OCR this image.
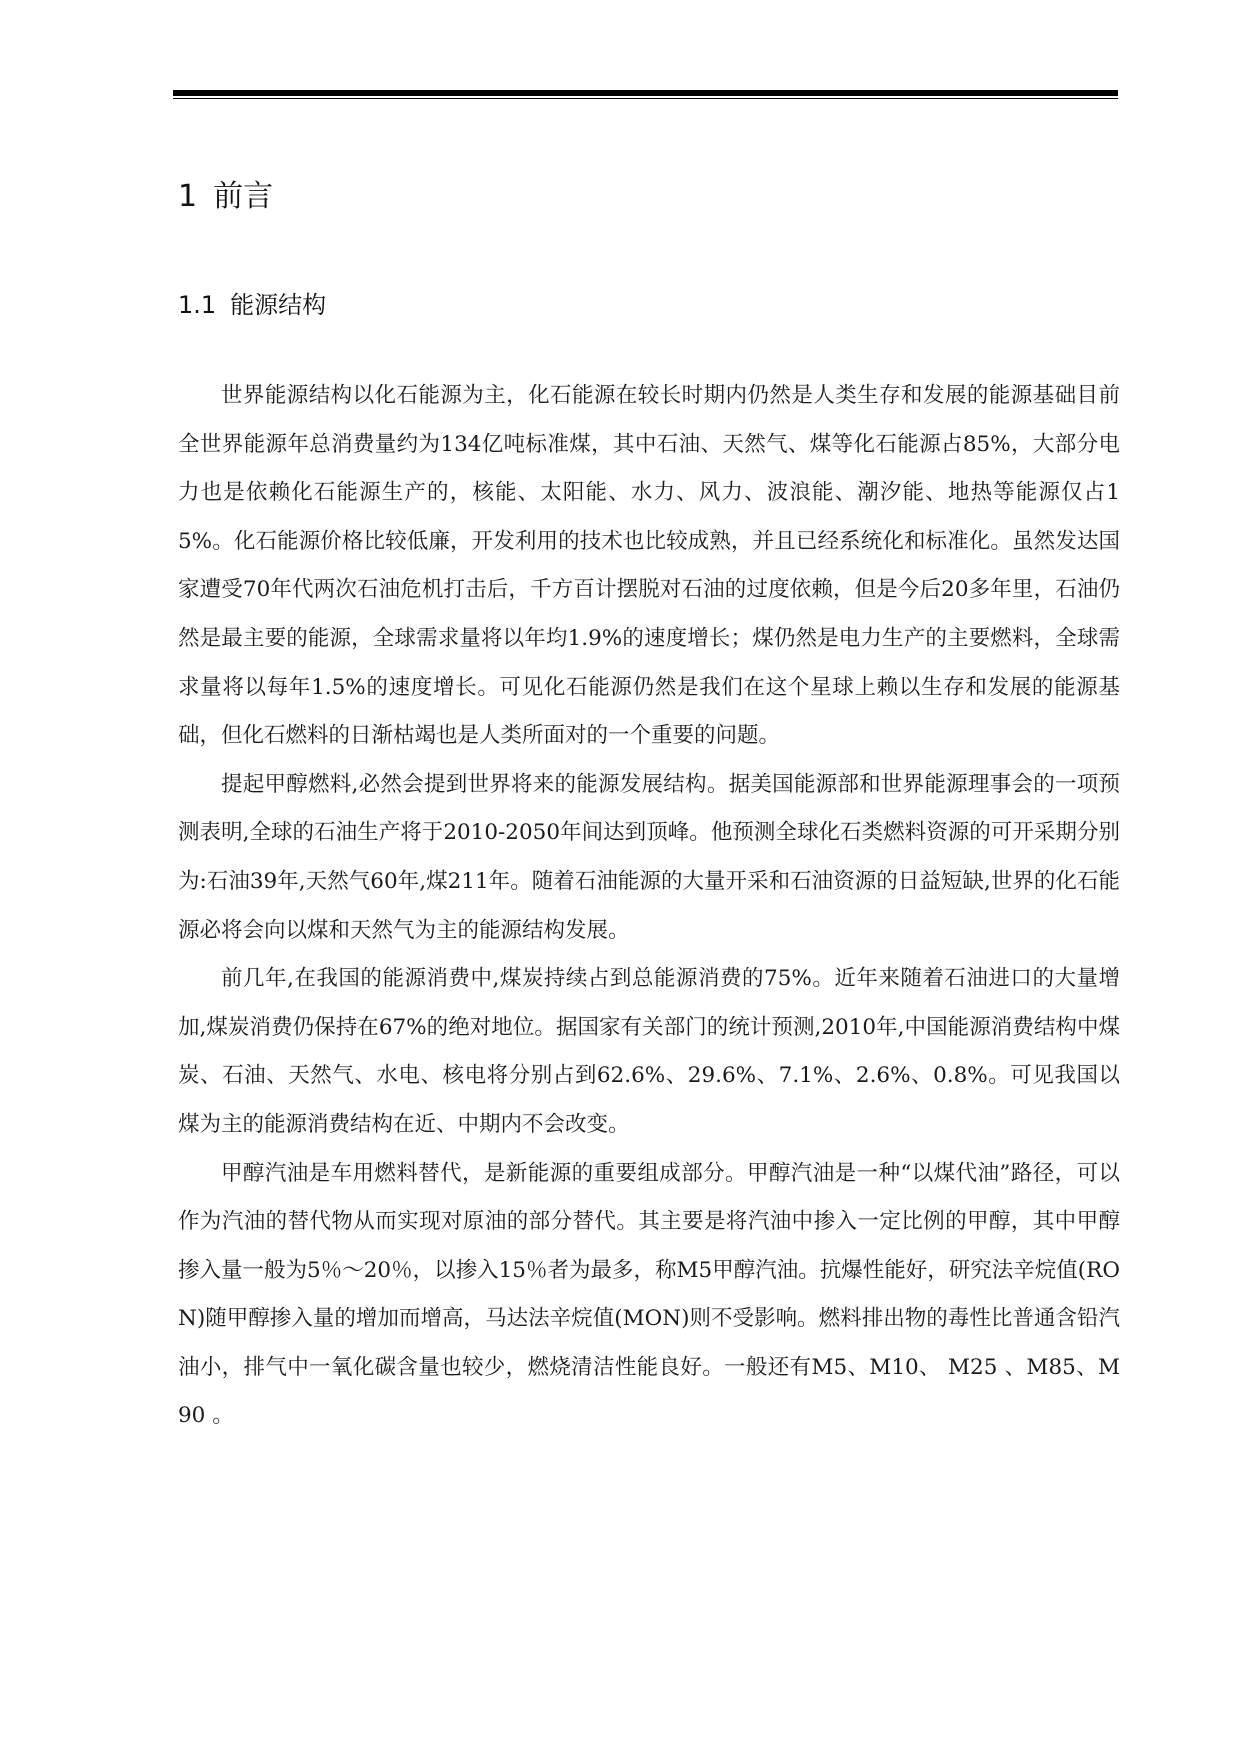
1 前言
1.1 能源结构

世界能源结构以化石能源为主，化石能源在较长时期内仍然是人类生存和发展的能源基础目前全世界能源年总消费量约为134亿吨标准煤，其中石油、天然气、煤等化石能源占85%，大部分电力也是依赖化石能源生产的，核能、太阳能、水力、风力、波浪能、潮汐能、地热等能源仅占15%。化石能源价格比较低廉，开发利用的技术也比较成熟，并且已经系统化和标准化。虽然发达国家遭受70年代两次石油危机打击后，千方百计摆脱对石油的过度依赖，但是今后20多年里，石油仍然是最主要的能源，全球需求量将以年均1.9%的速度增长；煤仍然是电力生产的主要燃料，全球需求量将以每年1.5%的速度增长。可见化石能源仍然是我们在这个星球上赖以生存和发展的能源基础，但化石燃料的日渐枯竭也是人类所面对的一个重要的问题。

提起甲醇燃料,必然会提到世界将来的能源发展结构。据美国能源部和世界能源理事会的一项预测表明,全球的石油生产将于2010-2050年间达到顶峰。他预测全球化石类燃料资源的可开采期分别为:石油39年,天然气60年,煤211年。随着石油能源的大量开采和石油资源的日益短缺,世界的化石能源必将会向以煤和天然气为主的能源结构发展。

前几年,在我国的能源消费中,煤炭持续占到总能源消费的75%。近年来随着石油进口的大量增加,煤炭消费仍保持在67%的绝对地位。据国家有关部门的统计预测,2010年,中国能源消费结构中煤炭、石油、天然气、水电、核电将分别占到62.6%、29.6%、7.1%、2.6%、0.8%。可见我国以煤为主的能源消费结构在近、中期内不会改变。

甲醇汽油是车用燃料替代，是新能源的重要组成部分。甲醇汽油是一种“以煤代油”路径，可以作为汽油的替代物从而实现对原油的部分替代。其主要是将汽油中掺入一定比例的甲醇，其中甲醇掺入量一般为5％～20％，以掺入15％者为最多，称M5甲醇汽油。抗爆性能好，研究法辛烷值(RON)随甲醇掺入量的增加而增高，马达法辛烷值(MON)则不受影响。燃料排出物的毒性比普通含铅汽油小，排气中一氧化碳含量也较少，燃烧清洁性能良好。一般还有M5、M10、 M25 、M85、M90 。
